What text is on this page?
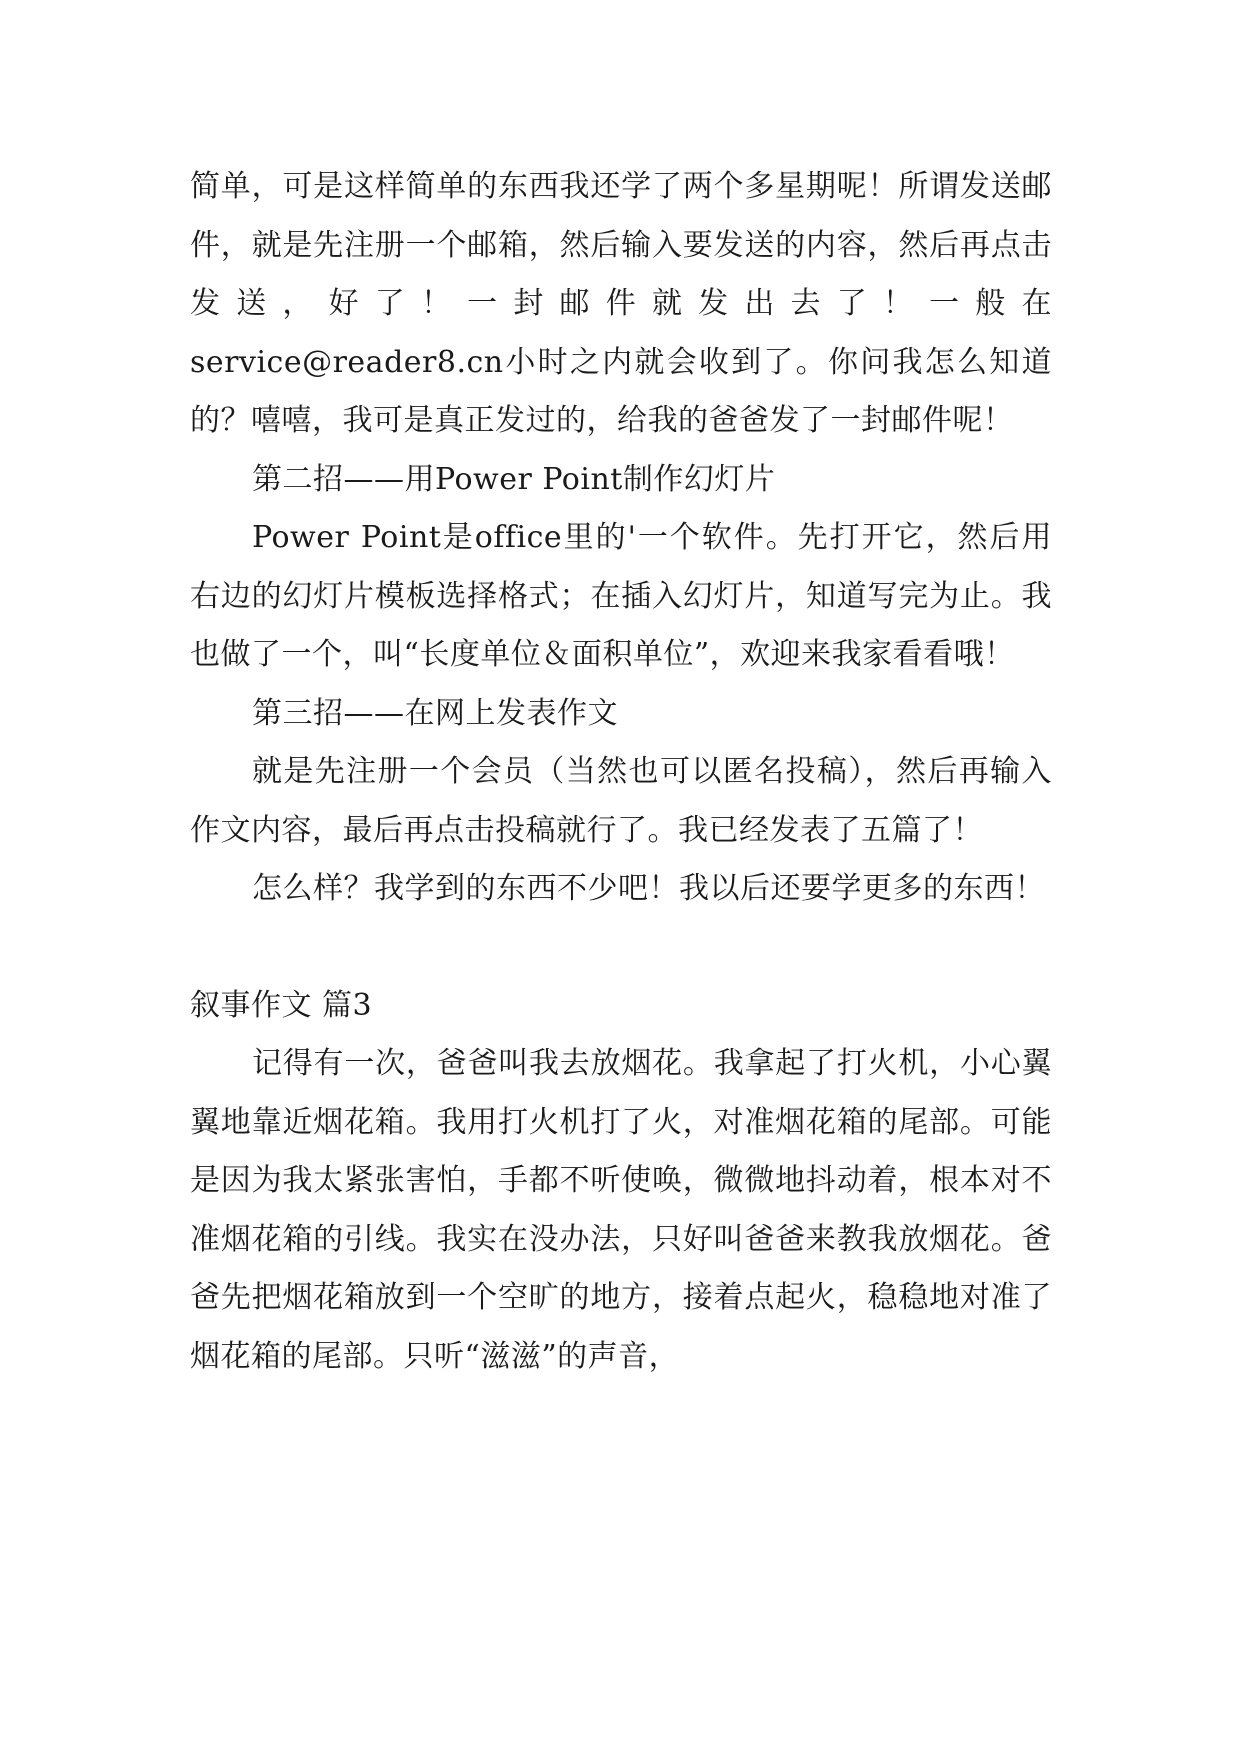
简单，可是这样简单的东西我还学了两个多星期呢！所谓发送邮件，就是先注册一个邮箱，然后输入要发送的内容，然后再点击发送，好了！一封邮件就发出去了！一般在service@reader8.cn小时之内就会收到了。你问我怎么知道的？嘻嘻，我可是真正发过的，给我的爸爸发了一封邮件呢！

第二招——用Power Point制作幻灯片

Power Point是office里的'一个软件。先打开它，然后用右边的幻灯片模板选择格式；在插入幻灯片，知道写完为止。我也做了一个，叫“长度单位＆面积单位”，欢迎来我家看看哦！

第三招——在网上发表作文

就是先注册一个会员（当然也可以匿名投稿），然后再输入作文内容，最后再点击投稿就行了。我已经发表了五篇了！

怎么样？我学到的东西不少吧！我以后还要学更多的东西！

叙事作文 篇3

记得有一次，爸爸叫我去放烟花。我拿起了打火机，小心翼翼地靠近烟花箱。我用打火机打了火，对准烟花箱的尾部。可能是因为我太紧张害怕，手都不听使唤，微微地抖动着，根本对不准烟花箱的引线。我实在没办法，只好叫爸爸来教我放烟花。爸爸先把烟花箱放到一个空旷的地方，接着点起火，稳稳地对准了烟花箱的尾部。只听“滋滋”的声音，
